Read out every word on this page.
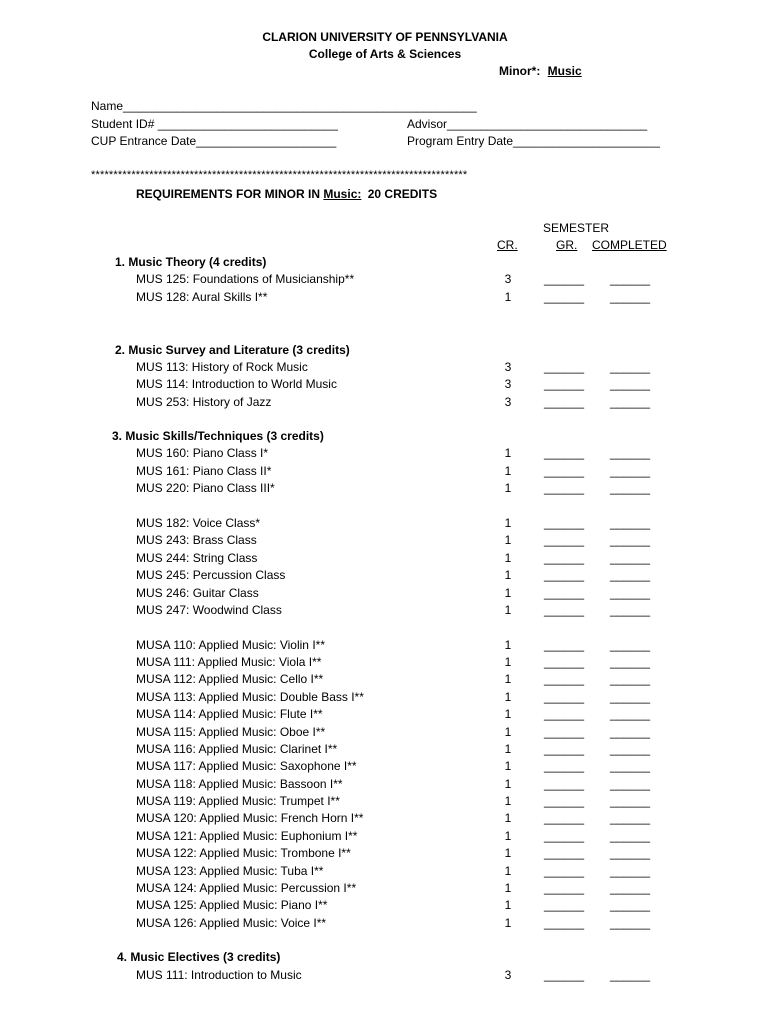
CLARION UNIVERSITY OF PENNSYLVANIA
College of Arts & Sciences
Minor*: Music
Name_____________________________________________________
Student ID# ___________________________	Advisor______________________________
CUP Entrance Date_____________________	Program Entry Date______________________
************************************************************************************
REQUIREMENTS FOR MINOR IN Music: 20 CREDITS
SEMESTER
CR.	GR. COMPLETED
1. Music Theory (4 credits)
2. Music Survey and Literature (3 credits)
3. Music Skills/Techniques (3 credits)
4. Music Electives (3 credits)
MUS 125: Foundations of Musicianship**	3	______ ______
MUS 128: Aural Skills I**	1	______ ______
MUS 113: History of Rock Music	3	______ ______
MUS 114: Introduction to World Music	3	______ ______
MUS 253: History of Jazz	3	______ ______
MUS 160: Piano Class I*	1	______ ______
MUS 161: Piano Class II*	1	______ ______
MUS 220: Piano Class III*	1	______ ______
MUS 182: Voice Class*	1	______ ______
MUS 243: Brass Class	1	______ ______
MUS 244: String Class	1	______ ______
MUS 245: Percussion Class	1	______ ______
MUS 246: Guitar Class	1	______ ______
MUS 247: Woodwind Class	1	______ ______
MUSA 110: Applied Music: Violin I**	1	______ ______
MUSA 111: Applied Music: Viola I**	1	______ ______
MUSA 112: Applied Music: Cello I**	1	______ ______
MUSA 113: Applied Music: Double Bass I**	1	______ ______
MUSA 114: Applied Music: Flute I**	1	______ ______
MUSA 115: Applied Music: Oboe I**	1	______ ______
MUSA 116: Applied Music: Clarinet I**	1	______ ______
MUSA 117: Applied Music: Saxophone I**	1	______ ______
MUSA 118: Applied Music: Bassoon I**	1	______ ______
MUSA 119: Applied Music: Trumpet I**	1	______ ______
MUSA 120: Applied Music: French Horn I**	1	______ ______
MUSA 121: Applied Music: Euphonium I**	1	______ ______
MUSA 122: Applied Music: Trombone I**	1	______ ______
MUSA 123: Applied Music: Tuba I**	1	______ ______
MUSA 124: Applied Music: Percussion I**	1	______ ______
MUSA 125: Applied Music: Piano I**	1	______ ______
MUSA 126: Applied Music: Voice I**	1	______ ______
MUS 111: Introduction to Music	3	______ ______
